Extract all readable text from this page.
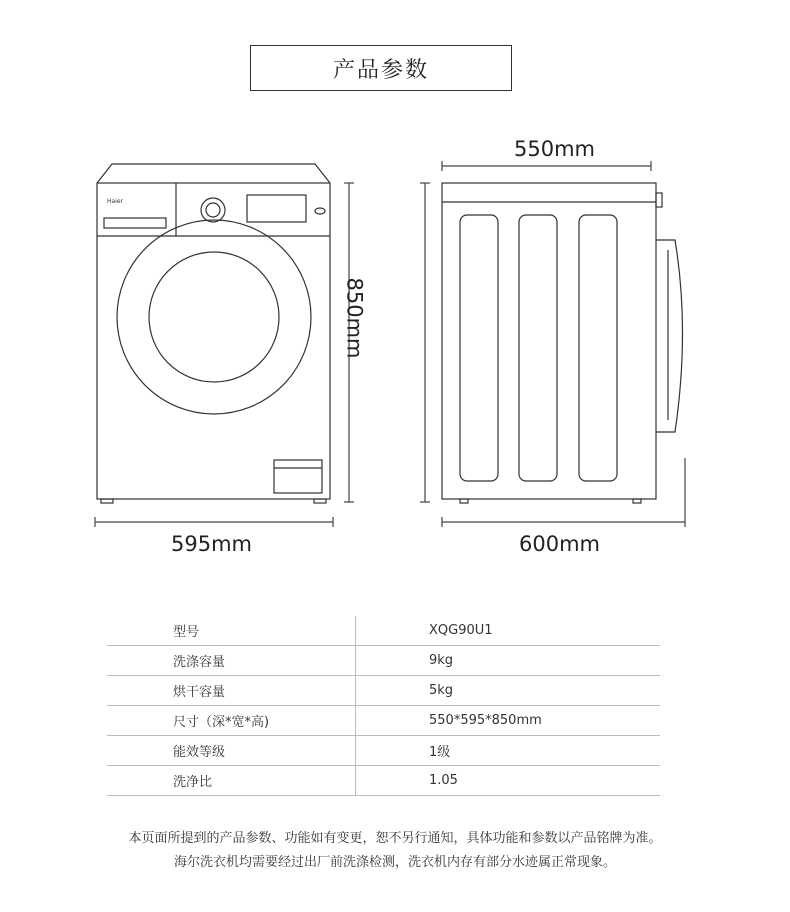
产品参数
Haier
550mm
850mm
595mm	600mm
型号	XQG90U1
洗涤容量	9kg
烘干容量	5kg
尺寸（深*宽*高)	550*595*850mm
能效等级	1级
洗净比	1.05
本页面所提到的产品参数、功能如有变更，恕不另行通知，具体功能和参数以产品铭牌为准。
海尔洗衣机均需要经过出厂前洗涤检测，洗衣机内存有部分水迹属正常现象。
